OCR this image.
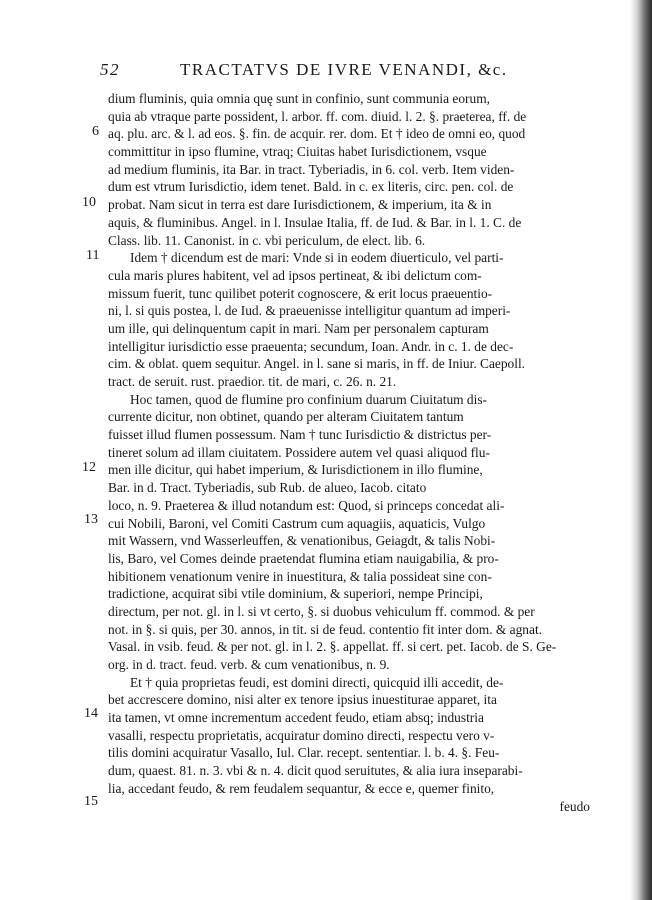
52	TRACTATVS DE IVRE VENANDI, &c.
6
10
11
12
13
14
15
dium fluminis, quia omnia quę sunt in confinio, sunt communia eorum,
quia ab vtraque parte possident, l. arbor. ff. com. diuid. l. 2. §. praeterea, ff. de
aq. plu. arc. & l. ad eos. §. fin. de acquir. rer. dom. Et † ideo de omni eo, quod
committitur in ipso flumine, vtraq; Ciuitas habet Iurisdictionem, vsque
ad medium fluminis, ita Bar. in tract. Tyberiadis, in 6. col. verb. Item viden-
dum est vtrum Iurisdictio, idem tenet. Bald. in c. ex literis, circ. pen. col. de
probat. Nam sicut in terra est dare Iurisdictionem, & imperium, ita & in
aquis, & fluminibus. Angel. in l. Insulae Italia, ff. de Iud. & Bar. in l. 1. C. de
Class. lib. 11. Canonist. in c. vbi periculum, de elect. lib. 6.
Idem † dicendum est de mari: Vnde si in eodem diuerticulo, vel parti-
cula maris plures habitent, vel ad ipsos pertineat, & ibi delictum com-
missum fuerit, tunc quilibet poterit cognoscere, & erit locus praeuentio-
ni, l. si quis postea, l. de Iud. & praeuenisse intelligitur quantum ad imperi-
um ille, qui delinquentum capit in mari. Nam per personalem capturam
intelligitur iurisdictio esse praeuenta; secundum, Ioan. Andr. in c. 1. de dec-
cim. & oblat. quem sequitur. Angel. in l. sane si maris, in ff. de Iniur. Caepoll.
tract. de seruit. rust. praedior. tit. de mari, c. 26. n. 21.
Hoc tamen, quod de flumine pro confinium duarum Ciuitatum dis-
currente dicitur, non obtinet, quando per alteram Ciuitatem tantum
fuisset illud flumen possessum. Nam † tunc Iurisdictio & districtus per-
tineret solum ad illam ciuitatem. Possidere autem vel quasi aliquod flu-
men ille dicitur, qui habet imperium, & Iurisdictionem in illo flumine,
Bar. in d. Tract. Tyberiadis, sub Rub. de alueo, Iacob. citato
loco, n. 9. Praeterea & illud notandum est: Quod, si princeps concedat ali-
cui Nobili, Baroni, vel Comiti Castrum cum aquagiis, aquaticis, Vulgo
mit Wassern, vnd Wasserleuffen, & venationibus, Geiagdt, & talis Nobi-
lis, Baro, vel Comes deinde praetendat flumina etiam nauigabilia, & pro-
hibitionem venationum venire in inuestitura, & talia possideat sine con-
tradictione, acquirat sibi vtile dominium, & superiori, nempe Principi,
directum, per not. gl. in l. si vt certo, §. si duobus vehiculum ff. commod. & per
not. in §. si quis, per 30. annos, in tit. si de feud. contentio fit inter dom. & agnat.
Vasal. in vsib. feud. & per not. gl. in l. 2. §. appellat. ff. si cert. pet. Iacob. de S. Ge-
org. in d. tract. feud. verb. & cum venationibus, n. 9.
Et † quia proprietas feudi, est domini directi, quicquid illi accedit, de-
bet accrescere domino, nisi alter ex tenore ipsius inuestiturae apparet, ita
ita tamen, vt omne incrementum accedent feudo, etiam absq; industria
vasalli, respectu proprietatis, acquiratur domino directi, respectu vero v-
tilis domini acquiratur Vasallo, Iul. Clar. recept. sententiar. l. b. 4. §. Feu-
dum, quaest. 81. n. 3. vbi & n. 4. dicit quod seruitutes, & alia iura inseparabi-
lia, accedant feudo, & rem feudalem sequantur, & ecce e, quemer finito,
feudo
